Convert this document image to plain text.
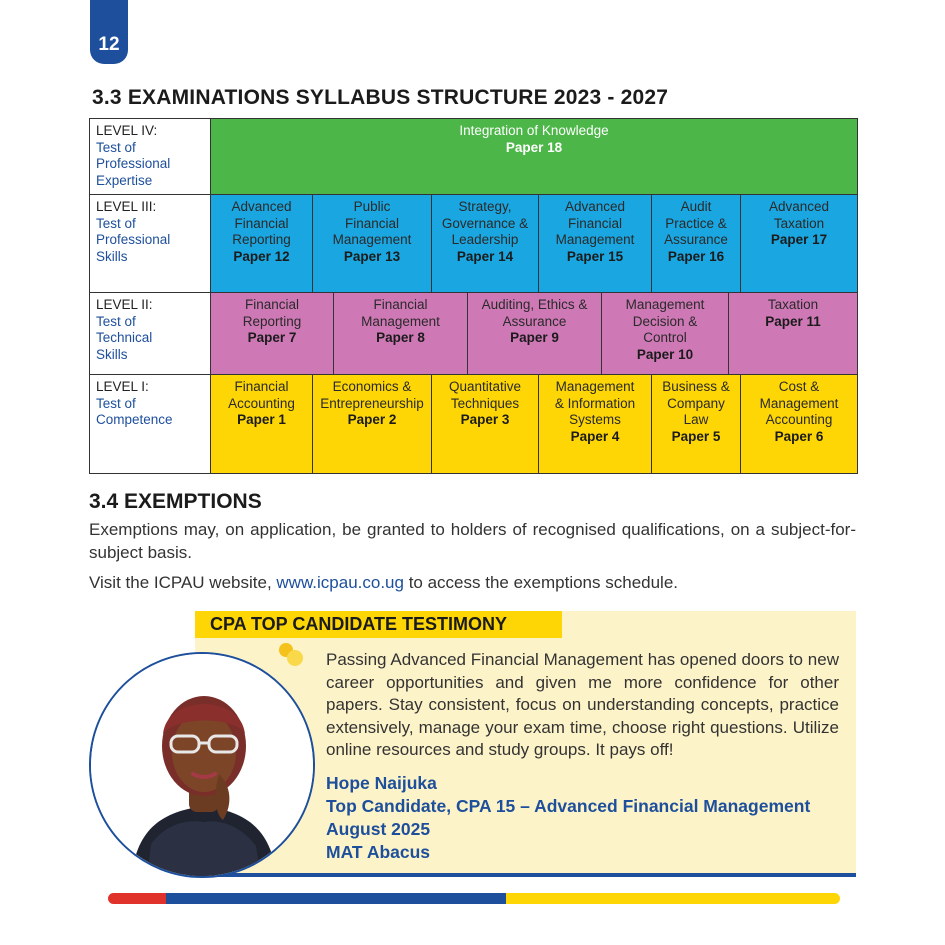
12
3.3 EXAMINATIONS SYLLABUS STRUCTURE 2023 - 2027
LEVEL IV:
Test of
Professional
Expertise
Integration of Knowledge
Paper 18
LEVEL III:
Test of
Professional
Skills
Advanced
Financial
Reporting
Paper 12
Public
Financial
Management
Paper 13
Strategy,
Governance &
Leadership
Paper 14
Advanced
Financial
Management
Paper 15
Audit
Practice &
Assurance
Paper 16
Advanced
Taxation
Paper 17
LEVEL II:
Test of
Technical
Skills
Financial
Reporting
Paper 7
Financial
Management
Paper 8
Auditing, Ethics &
Assurance
Paper 9
Management
Decision &
Control
Paper 10
Taxation
Paper 11
LEVEL I:
Test of
Competence
Financial
Accounting
Paper 1
Economics &
Entrepreneurship
Paper 2
Quantitative
Techniques
Paper 3
Management
& Information
Systems
Paper 4
Business &
Company
Law
Paper 5
Cost &
Management
Accounting
Paper 6
3.4 EXEMPTIONS
Exemptions may, on application, be granted to holders of recognised qualifications, on a subject-for-subject basis.
Visit the ICPAU website, www.icpau.co.ug to access the exemptions schedule.
CPA TOP CANDIDATE TESTIMONY
Passing Advanced Financial Management has opened doors to new career opportunities and given me more confidence for other papers. Stay consistent, focus on understanding concepts, practice extensively, manage your exam time, choose right questions. Utilize online resources and study groups. It pays off!
Hope Naijuka
Top Candidate, CPA 15 – Advanced Financial Management
August 2025
MAT Abacus
